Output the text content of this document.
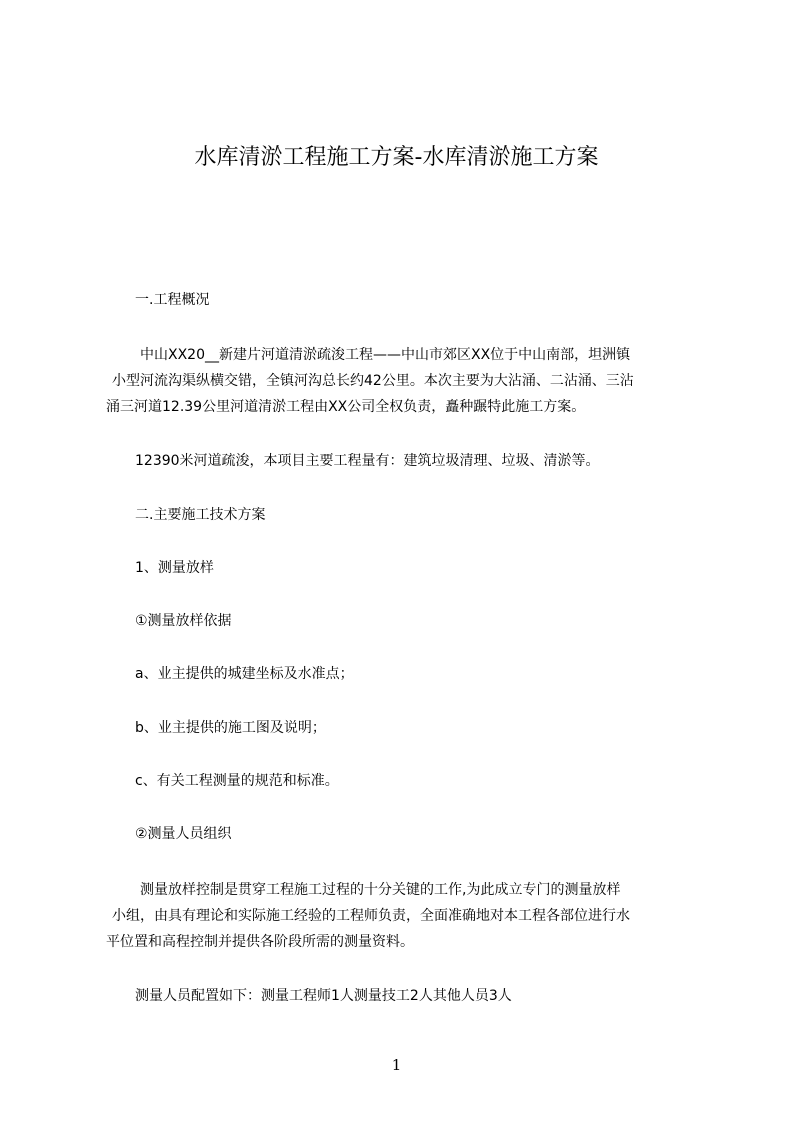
水库清淤工程施工方案-水库清淤施工方案
一.工程概况
中山XX20__新建片河道清淤疏浚工程——中山市郊区XX位于中山南部，坦洲镇
小型河流沟渠纵横交错，全镇河沟总长约42公里。本次主要为大沾涌、二沾涌、三沾
涌三河道12.39公里河道清淤工程由XX公司全权负责，矗种蹍特此施工方案。
12390米河道疏浚，本项目主要工程量有：建筑垃圾清理、垃圾、清淤等。
二.主要施工技术方案
1、测量放样
①测量放样依据
a、业主提供的城建坐标及水准点；
b、业主提供的施工图及说明；
c、有关工程测量的规范和标准。
②测量人员组织
测量放样控制是贯穿工程施工过程的十分关键的工作,为此成立专门的测量放样
小组，由具有理论和实际施工经验的工程师负责，全面准确地对本工程各部位进行水
平位置和高程控制并提供各阶段所需的测量资料。
测量人员配置如下：测量工程师1人测量技工2人其他人员3人
1
